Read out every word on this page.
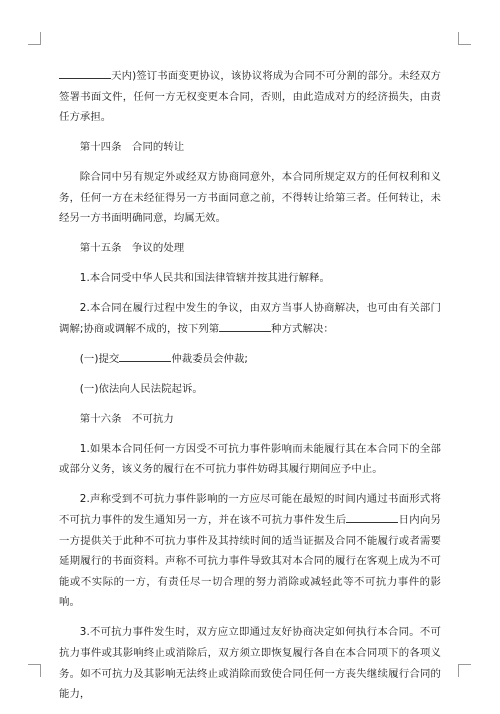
天内)签订书面变更协议，该协议将成为合同不可分割的部分。未经双方签署书面文件，任何一方无权变更本合同，否则，由此造成对方的经济损失，由责任方承担。

第十四条　合同的转让

除合同中另有规定外或经双方协商同意外，本合同所规定双方的任何权利和义务，任何一方在未经征得另一方书面同意之前，不得转让给第三者。任何转让，未经另一方书面明确同意，均属无效。

第十五条　争议的处理

1.本合同受中华人民共和国法律管辖并按其进行解释。

2.本合同在履行过程中发生的争议，由双方当事人协商解决，也可由有关部门调解;协商或调解不成的，按下列第	种方式解决：

(一)提交	仲裁委员会仲裁;

(一)依法向人民法院起诉。

第十六条　不可抗力

1.如果本合同任何一方因受不可抗力事件影响而未能履行其在本合同下的全部或部分义务，该义务的履行在不可抗力事件妨碍其履行期间应予中止。

2.声称受到不可抗力事件影响的一方应尽可能在最短的时间内通过书面形式将不可抗力事件的发生通知另一方，并在该不可抗力事件发生后	日内向另一方提供关于此种不可抗力事件及其持续时间的适当证据及合同不能履行或者需要延期履行的书面资料。声称不可抗力事件导致其对本合同的履行在客观上成为不可能或不实际的一方，有责任尽一切合理的努力消除或减轻此等不可抗力事件的影响。

3.不可抗力事件发生时，双方应立即通过友好协商决定如何执行本合同。不可抗力事件或其影响终止或消除后，双方须立即恢复履行各自在本合同项下的各项义务。如不可抗力及其影响无法终止或消除而致使合同任何一方丧失继续履行合同的能力，
